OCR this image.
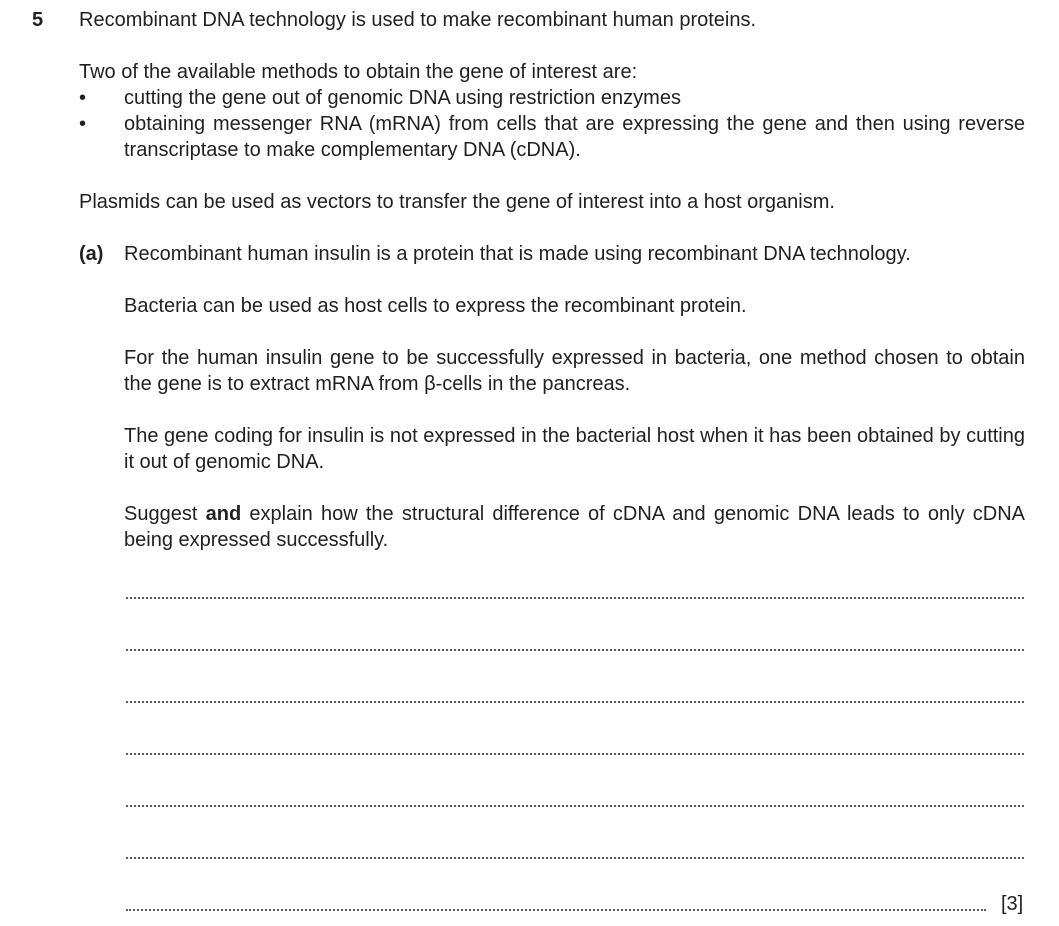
5 Recombinant DNA technology is used to make recombinant human proteins.
Two of the available methods to obtain the gene of interest are:
• cutting the gene out of genomic DNA using restriction enzymes
• obtaining messenger RNA (mRNA) from cells that are expressing the gene and then using reverse transcriptase to make complementary DNA (cDNA).
Plasmids can be used as vectors to transfer the gene of interest into a host organism.
(a) Recombinant human insulin is a protein that is made using recombinant DNA technology.
Bacteria can be used as host cells to express the recombinant protein.
For the human insulin gene to be successfully expressed in bacteria, one method chosen to obtain the gene is to extract mRNA from β-cells in the pancreas.
The gene coding for insulin is not expressed in the bacterial host when it has been obtained by cutting it out of genomic DNA.
Suggest and explain how the structural difference of cDNA and genomic DNA leads to only cDNA being expressed successfully.
[3]
